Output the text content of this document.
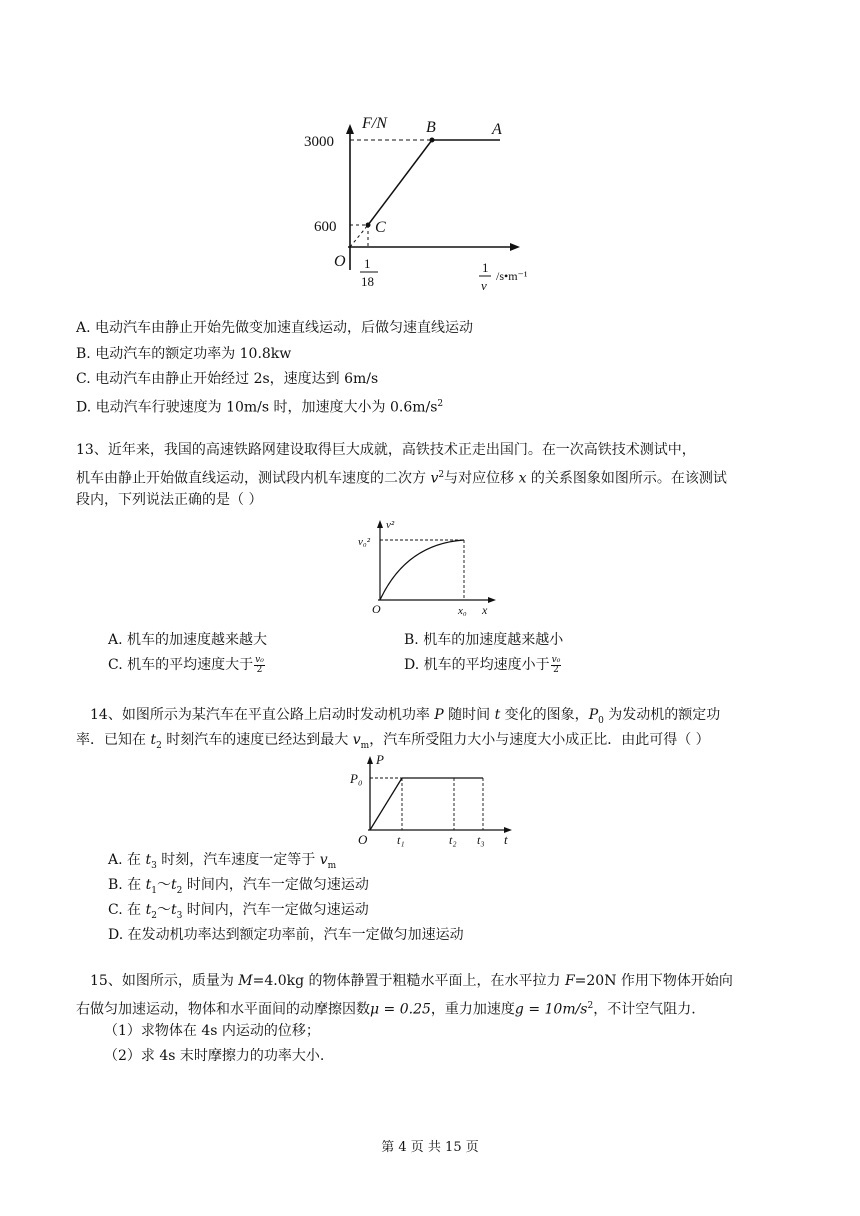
F/N
3000
600
O
B	A
C
1
18
1
v
/s•m⁻¹
A. 电动汽车由静止开始先做变加速直线运动，后做匀速直线运动
B. 电动汽车的额定功率为 10.8kw
C. 电动汽车由静止开始经过 2s，速度达到 6m/s
D. 电动汽车行驶速度为 10m/s 时，加速度大小为 $0.6m/s^2$
13、近年来，我国的高速铁路网建设取得巨大成就，高铁技术正走出国门。在一次高铁技术测试中，
机车由静止开始做直线运动，测试段内机车速度的二次方 $v^2$与对应位移 x 的关系图象如图所示。在该测试
段内，下列说法正确的是（ ）
v²
v₀²
O	x₀ x
A. 机车的加速度越来越大	B. 机车的加速度越来越小
C. 机车的平均速度大于 $\frac{\text{v₀}}{2}$	D. 机车的平均速度小于 $\frac{\text{v₀}}{2}$
14、如图所示为某汽车在平直公路上启动时发动机功率 P 随时间 t 变化的图象，$P_0$ 为发动机的额定功
率．已知在 $t_2$ 时刻汽车的速度已经达到最大 $v_m$，汽车所受阻力大小与速度大小成正比．由此可得（ ）
P
P₀
O t₁	t₂ t₃ t
A. 在 $t_3$ 时刻，汽车速度一定等于 $v_m$
B. 在 $t_1\sim t_2$ 时间内，汽车一定做匀速运动
C. 在 $t_2\sim t_3$ 时间内，汽车一定做匀速运动
D. 在发动机功率达到额定功率前，汽车一定做匀加速运动
15、如图所示，质量为 M=4.0kg 的物体静置于粗糙水平面上，在水平拉力 F=20N 作用下物体开始向
右做匀加速运动，物体和水平面间的动摩擦因数μ = 0.25，重力加速度$g = 10m/s^2$，不计空气阻力.
（1）求物体在 4s 内运动的位移；
（2）求 4s 末时摩擦力的功率大小.
第 4 页 共 15 页
